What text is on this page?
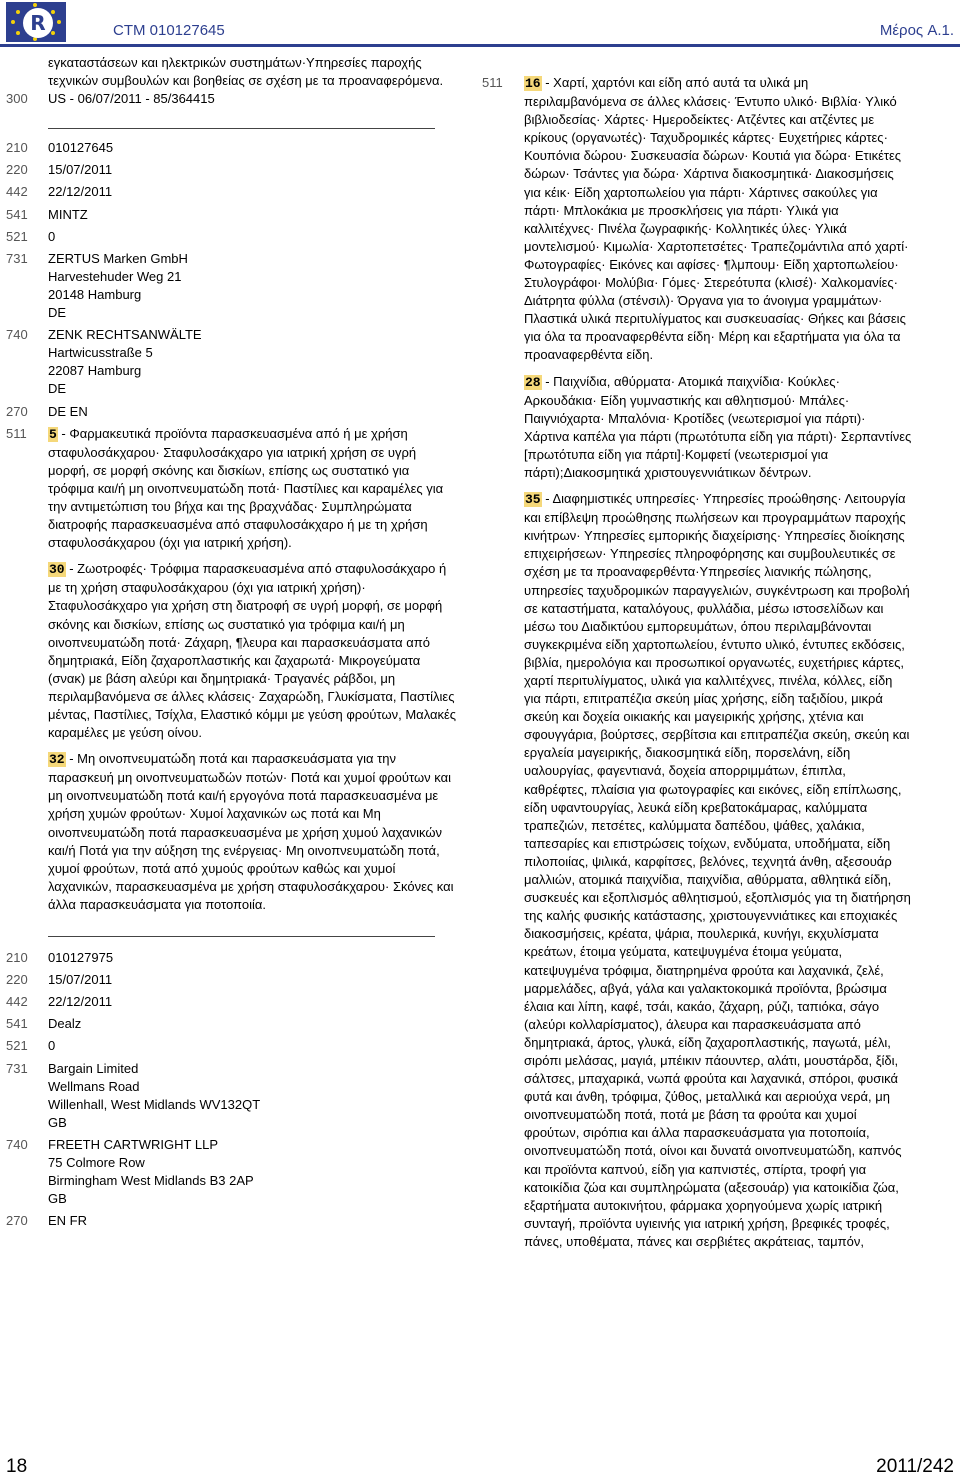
R	CTM 010127645	Μέρος A.1.
εγκαταστάσεων και ηλεκτρικών συστημάτων·Υπηρεσίες παροχής τεχνικών συμβουλών και βοηθείας σε σχέση με τα προαναφερόμενα.
300	US - 06/07/2011 - 85/364415
210	010127645
220	15/07/2011
442	22/12/2011
541	MINTZ
521	0
731	ZERTUS Marken GmbH

Harvestehuder Weg 21

20148 Hamburg

DE

740	ZENK RECHTSANWÄLTE

Hartwicusstraße 5

22087 Hamburg

DE

270	DE EN
511	5 - Φαρμακευτικά προϊόντα παρασκευασμένα από ή με χρήση σταφυλοσάκχαρου· Σταφυλοσάκχαρο για ιατρική χρήση σε υγρή μορφή, σε μορφή σκόνης και δισκίων, επίσης ως συστατικό για τρόφιμα και/ή μη οινοπνευματώδη ποτά· Παστίλιες και καραμέλες για την αντιμετώπιση του βήχα και της βραχνάδας· Συμπληρώματα διατροφής παρασκευασμένα από σταφυλοσάκχαρο ή με τη χρήση σταφυλοσάκχαρου (όχι για ιατρική χρήση).
30 - Ζωοτροφές· Τρόφιμα παρασκευασμένα από σταφυλοσάκχαρο ή με τη χρήση σταφυλοσάκχαρου (όχι για ιατρική χρήση)· Σταφυλοσάκχαρο για χρήση στη διατροφή σε υγρή μορφή, σε μορφή σκόνης και δισκίων, επίσης ως συστατικό για τρόφιμα και/ή μη οινοπνευματώδη ποτά· Ζάχαρη, ¶λευρα και παρασκευάσματα από δημητριακά, Είδη ζαχαροπλαστικής και ζαχαρωτά· Μικρογεύματα (σνακ) με βάση αλεύρι και δημητριακά· Τραγανές ράβδοι, μη περιλαμβανόμενα σε άλλες κλάσεις· Ζαχαρώδη, Γλυκίσματα, Παστίλιες μέντας, Παστίλιες, Τσίχλα, Ελαστικό κόμμι με γεύση φρούτων, Μαλακές καραμέλες με γεύση οίνου.
32 - Μη οινοπνευματώδη ποτά και παρασκευάσματα για την παρασκευή μη οινοπνευματωδών ποτών· Ποτά και χυμοί φρούτων και μη οινοπνευματώδη ποτά και/ή εργογόνα ποτά παρασκευασμένα με χρήση χυμών φρούτων· Χυμοί λαχανικών ως ποτά και Μη οινοπνευματώδη ποτά παρασκευασμένα με χρήση χυμού λαχανικών και/ή Ποτά για την αύξηση της ενέργειας· Μη οινοπνευματώδη ποτά, χυμοί φρούτων, ποτά από χυμούς φρούτων καθώς και χυμοί λαχανικών, παρασκευασμένα με χρήση σταφυλοσάκχαρου· Σκόνες και άλλα παρασκευάσματα για ποτοποιία.
210	010127975
220	15/07/2011
442	22/12/2011
541	Dealz
521	0
731	Bargain Limited

Wellmans Road

Willenhall, West Midlands WV132QT

GB

740	FREETH CARTWRIGHT LLP

75 Colmore Row

Birmingham West Midlands B3 2AP

GB

270	EN FR
511	16 - Χαρτί, χαρτόνι και είδη από αυτά τα υλικά μη περιλαμβανόμενα σε άλλες κλάσεις· Έντυπο υλικό· Βιβλία· Υλικό βιβλιοδεσίας· Χάρτες· Ημεροδείκτες· Ατζέντες και ατζέντες με κρίκους (οργανωτές)· Ταχυδρομικές κάρτες· Ευχετήριες κάρτες· Κουπόνια δώρου· Συσκευασία δώρων· Κουτιά για δώρα· Ετικέτες δώρων· Τσάντες για δώρα· Χάρτινα διακοσμητικά· Διακοσμήσεις για κέικ· Είδη χαρτοπωλείου για πάρτι· Χάρτινες σακούλες για πάρτι· Μπλοκάκια με προσκλήσεις για πάρτι· Υλικά για καλλιτέχνες· Πινέλα ζωγραφικής· Κολλητικές ύλες· Υλικά μοντελισμού· Κιμωλία· Χαρτοπετσέτες· Τραπεζομάντιλα από χαρτί· Φωτογραφίες· Εικόνες και αφίσες· ¶λμπουμ· Είδη χαρτοπωλείου· Στυλογράφοι· Μολύβια· Γόμες· Στερεότυπα (κλισέ)· Χαλκομανίες· Διάτρητα φύλλα (στένσιλ)· Όργανα για το άνοιγμα γραμμάτων· Πλαστικά υλικά περιτυλίγματος και συσκευασίας· Θήκες και βάσεις για όλα τα προαναφερθέντα είδη· Μέρη και εξαρτήματα για όλα τα προαναφερθέντα είδη.
28 - Παιχνίδια, αθύρματα· Ατομικά παιχνίδια· Κούκλες· Αρκουδάκια· Είδη γυμναστικής και αθλητισμού· Μπάλες· Παιγνιόχαρτα· Μπαλόνια· Κροτίδες (νεωτερισμοί για πάρτι)· Χάρτινα καπέλα για πάρτι (πρωτότυπα είδη για πάρτι)· Σερπαντίνες [πρωτότυπα είδη για πάρτι]·Κομφετί (νεωτερισμοί για πάρτι);Διακοσμητικά χριστουγεννιάτικων δέντρων.
35 - Διαφημιστικές υπηρεσίες· Υπηρεσίες προώθησης· Λειτουργία και επίβλεψη προώθησης πωλήσεων και προγραμμάτων παροχής κινήτρων· Υπηρεσίες εμπορικής διαχείρισης· Υπηρεσίες διοίκησης επιχειρήσεων· Υπηρεσίες πληροφόρησης και συμβουλευτικές σε σχέση με τα προαναφερθέντα·Υπηρεσίες λιανικής πώλησης, υπηρεσίες ταχυδρομικών παραγγελιών, συγκέντρωση και προβολή σε καταστήματα, καταλόγους, φυλλάδια, μέσω ιστοσελίδων και μέσω του Διαδικτύου εμπορευμάτων, όπου περιλαμβάνονται συγκεκριμένα είδη χαρτοπωλείου, έντυπο υλικό, έντυπες εκδόσεις, βιβλία, ημερολόγια και προσωπικοί οργανωτές, ευχετήριες κάρτες, χαρτί περιτυλίγματος, υλικά για καλλιτέχνες, πινέλα, κόλλες, είδη για πάρτι, επιτραπέζια σκεύη μίας χρήσης, είδη ταξιδίου, μικρά σκεύη και δοχεία οικιακής και μαγειρικής χρήσης, χτένια και σφουγγάρια, βούρτσες, σερβίτσια και επιτραπέζια σκεύη, σκεύη και εργαλεία μαγειρικής, διακοσμητικά είδη, πορσελάνη, είδη υαλουργίας, φαγεντιανά, δοχεία απορριμμάτων, έπιπλα, καθρέφτες, πλαίσια για φωτογραφίες και εικόνες, είδη επίπλωσης, είδη υφαντουργίας, λευκά είδη κρεβατοκάμαρας, καλύμματα τραπεζιών, πετσέτες, καλύμματα δαπέδου, ψάθες, χαλάκια, ταπεσαρίες και επιστρώσεις τοίχων, ενδύματα, υποδήματα, είδη πιλοποιίας, ψιλικά, καρφίτσες, βελόνες, τεχνητά άνθη, αξεσουάρ μαλλιών, ατομικά παιχνίδια, παιχνίδια, αθύρματα, αθλητικά είδη, συσκευές και εξοπλισμός αθλητισμού, εξοπλισμός για τη διατήρηση της καλής φυσικής κατάστασης, χριστουγεννιάτικες και εποχιακές διακοσμήσεις, κρέατα, ψάρια, πουλερικά, κυνήγι, εκχυλίσματα κρεάτων, έτοιμα γεύματα, κατεψυγμένα έτοιμα γεύματα, κατεψυγμένα τρόφιμα, διατηρημένα φρούτα και λαχανικά, ζελέ, μαρμελάδες, αβγά, γάλα και γαλακτοκομικά προϊόντα, βρώσιμα έλαια και λίπη, καφέ, τσάι, κακάο, ζάχαρη, ρύζι, ταπιόκα, σάγο (αλεύρι κολλαρίσματος), άλευρα και παρασκευάσματα από δημητριακά, άρτος, γλυκά, είδη ζαχαροπλαστικής, παγωτά, μέλι, σιρόπι μελάσας, μαγιά, μπέικιν πάουντερ, αλάτι, μουστάρδα, ξίδι, σάλτσες, μπαχαρικά, νωπά φρούτα και λαχανικά, σπόροι, φυσικά φυτά και άνθη, τρόφιμα, ζύθος, μεταλλικά και αεριούχα νερά, μη οινοπνευματώδη ποτά, ποτά με βάση τα φρούτα και χυμοί φρούτων, σιρόπια και άλλα παρασκευάσματα για ποτοποιία, οινοπνευματώδη ποτά, οίνοι και δυνατά οινοπνευματώδη, καπνός και προϊόντα καπνού, είδη για καπνιστές, σπίρτα, τροφή για κατοικίδια ζώα και συμπληρώματα (αξεσουάρ) για κατοικίδια ζώα, εξαρτήματα αυτοκινήτου, φάρμακα χορηγούμενα χωρίς ιατρική συνταγή, προϊόντα υγιεινής για ιατρική χρήση, βρεφικές τροφές, πάνες, υποθέματα, πάνες και σερβιέτες ακράτειας, ταμπόν,
18	2011/242
